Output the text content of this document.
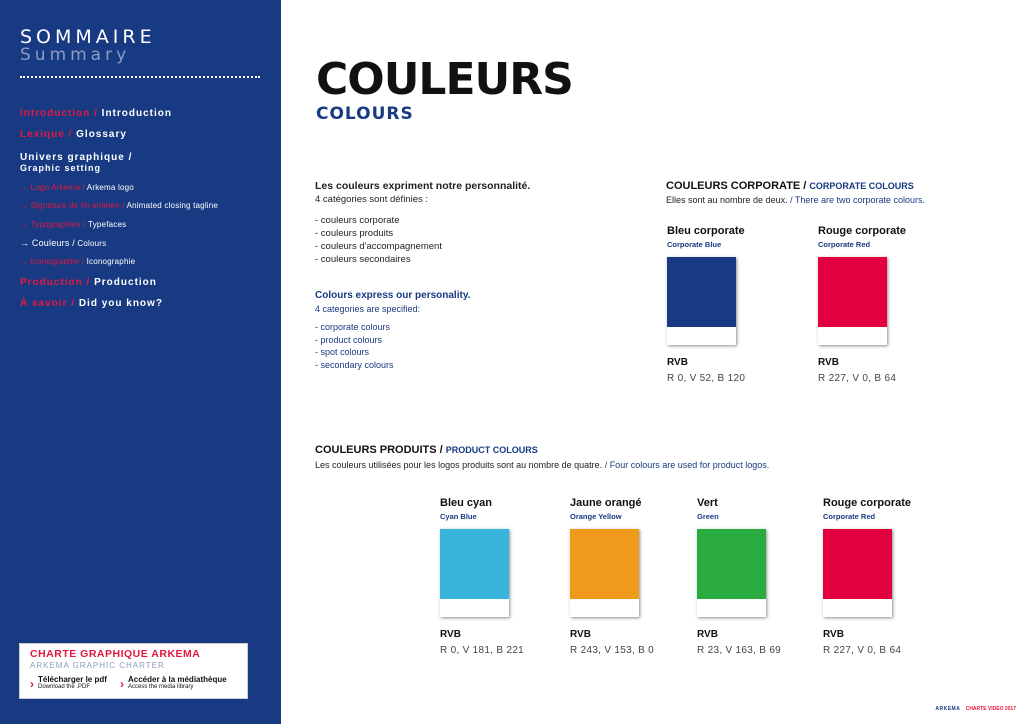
SOMMAIRE
Summary
Introduction / Introduction
Lexique / Glossary
Univers graphique /
Graphic setting
→ Logo Arkema / Arkema logo
→ Signature de fin animée / Animated closing tagline
→ Typographies / Typefaces
→ Couleurs / Colours
→ Iconographie / Iconographie
Production / Production
À savoir / Did you know?
CHARTE GRAPHIQUE ARKEMA
ARKEMA GRAPHIC CHARTER
› Télécharger le pdf
Download the .PDF	› Accéder à la médiathèque
Access the media library
COULEURS
COLOURS
Les couleurs expriment notre personnalité.
4 catégories sont définies :
- couleurs corporate
- couleurs produits
- couleurs d'accompagnement
- couleurs secondaires
Colours express our personality.
4 categories are specified:
- corporate colours
- product colours
- spot colours
- secondary colours
COULEURS CORPORATE / CORPORATE COLOURS
Elles sont au nombre de deux. / There are two corporate colours.
Bleu corporate
Corporate Blue
RVB
R 0, V 52, B 120
Rouge corporate
Corporate Red
RVB
R 227, V 0, B 64
COULEURS PRODUITS / PRODUCT COLOURS
Les couleurs utilisées pour les logos produits sont au nombre de quatre. / Four colours are used for product logos.
Bleu cyan
Cyan Blue
RVB
R 0, V 181, B 221
Jaune orangé
Orange Yellow
RVB
R 243, V 153, B 0
Vert
Green
RVB
R 23, V 163, B 69
Rouge corporate
Corporate Red
RVB
R 227, V 0, B 64
ARKEMA CHARTE VIDÉO 2017
